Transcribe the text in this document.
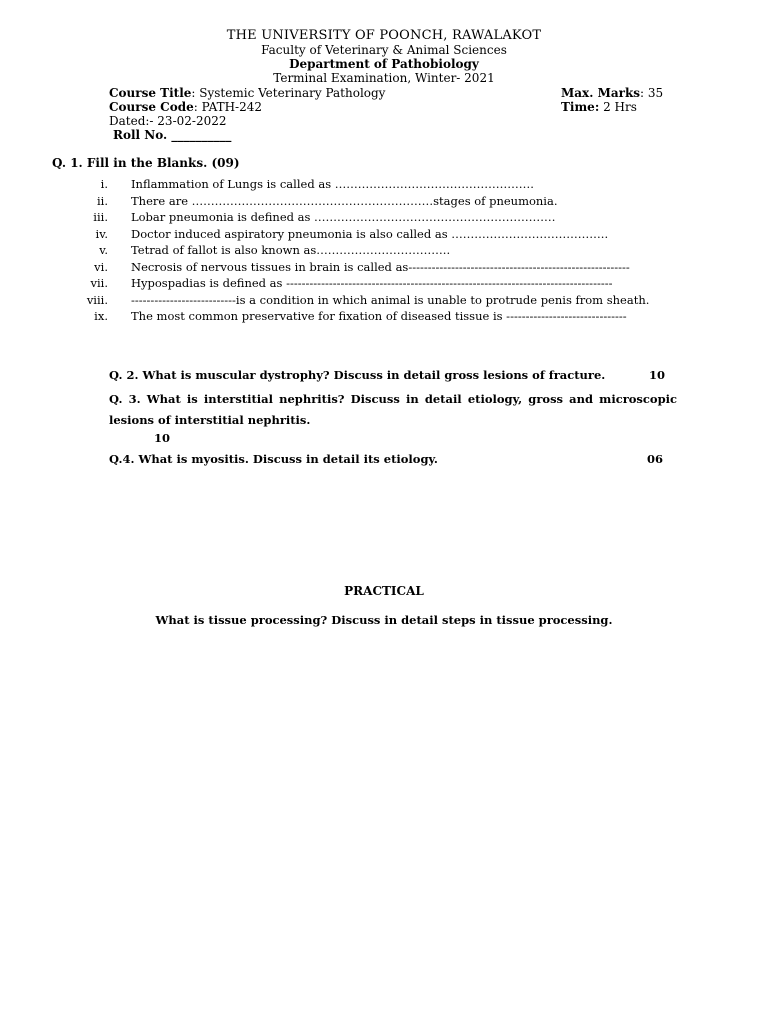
THE UNIVERSITY OF POONCH, RAWALAKOT
Faculty of Veterinary & Animal Sciences
Department of Pathobiology
Terminal Examination, Winter- 2021
Course Title: Systemic Veterinary Pathology
Course Code: PATH-242
Dated:- 23-02-2022
Roll No. __________
Max. Marks: 35
Time: 2 Hrs
Q. 1. Fill in the Blanks. (09)
i. Inflammation of Lungs is called as …………………………………………….
ii. There are ………………………………………………………stages of pneumonia.
iii. Lobar pneumonia is defined as ………………………………………………………
iv. Doctor induced aspiratory pneumonia is also called as …………………………………..
v. Tetrad of fallot is also known as……………………………..
vi. Necrosis of nervous tissues in brain is called as---------------------------------------------------------
vii. Hypospadias is defined as ------------------------------------------------------------------------------------
viii. ---------------------------is a condition in which animal is unable to protrude penis from sheath.
ix. The most common preservative for fixation of diseased tissue is -------------------------------
Q. 2. What is muscular dystrophy? Discuss in detail gross lesions of fracture.	10
Q. 3. What is interstitial nephritis? Discuss in detail etiology, gross and microscopic lesions of interstitial nephritis.
10
Q.4. What is myositis. Discuss in detail its etiology.	06
PRACTICAL
What is tissue processing? Discuss in detail steps in tissue processing.
